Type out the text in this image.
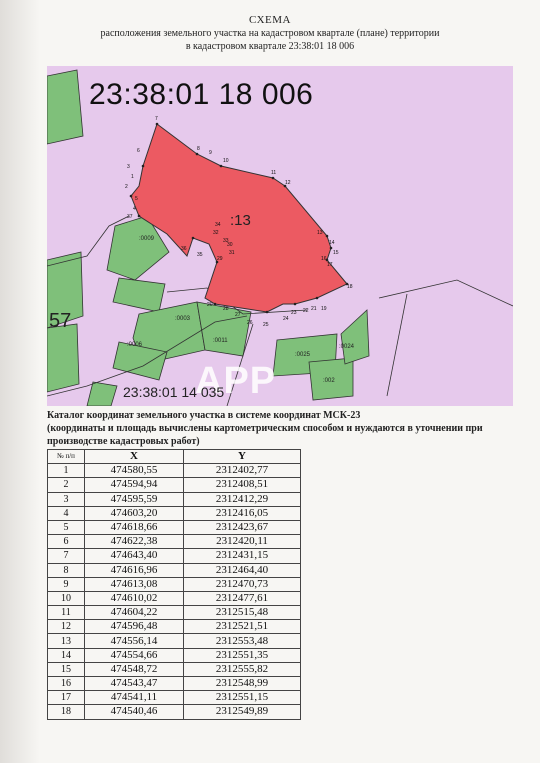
СХЕМА
расположения земельного участка на кадастровом квартале (плане) территории
в кадастровом квартале 23:38:01 18 006
23:38:01 18 006
57
:13
APP
23:38:01 14 035
:0009
:0003
:0006
:0011
:0025
:002
:0024
1
2
3
4
5
6
7
8
9
10
11
12
13
14
15
16
17
18
19
20
21
22
23
24
25
26
27
28
29
30
31
32
33
34
35
36
37
Каталог координат земельного участка в системе координат МСК-23
(координаты и площадь вычислены картометрическим способом и нуждаются в уточнении при
производстве кадастровых работ)
№ п/п	X	Y
1	474580,55	2312402,77
2	474594,94	2312408,51
3	474595,59	2312412,29
4	474603,20	2312416,05
5	474618,66	2312423,67
6	474622,38	2312420,11
7	474643,40	2312431,15
8	474616,96	2312464,40
9	474613,08	2312470,73
10	474610,02	2312477,61
11	474604,22	2312515,48
12	474596,48	2312521,51
13	474556,14	2312553,48
14	474554,66	2312551,35
15	474548,72	2312555,82
16	474543,47	2312548,99
17	474541,11	2312551,15
18	474540,46	2312549,89
